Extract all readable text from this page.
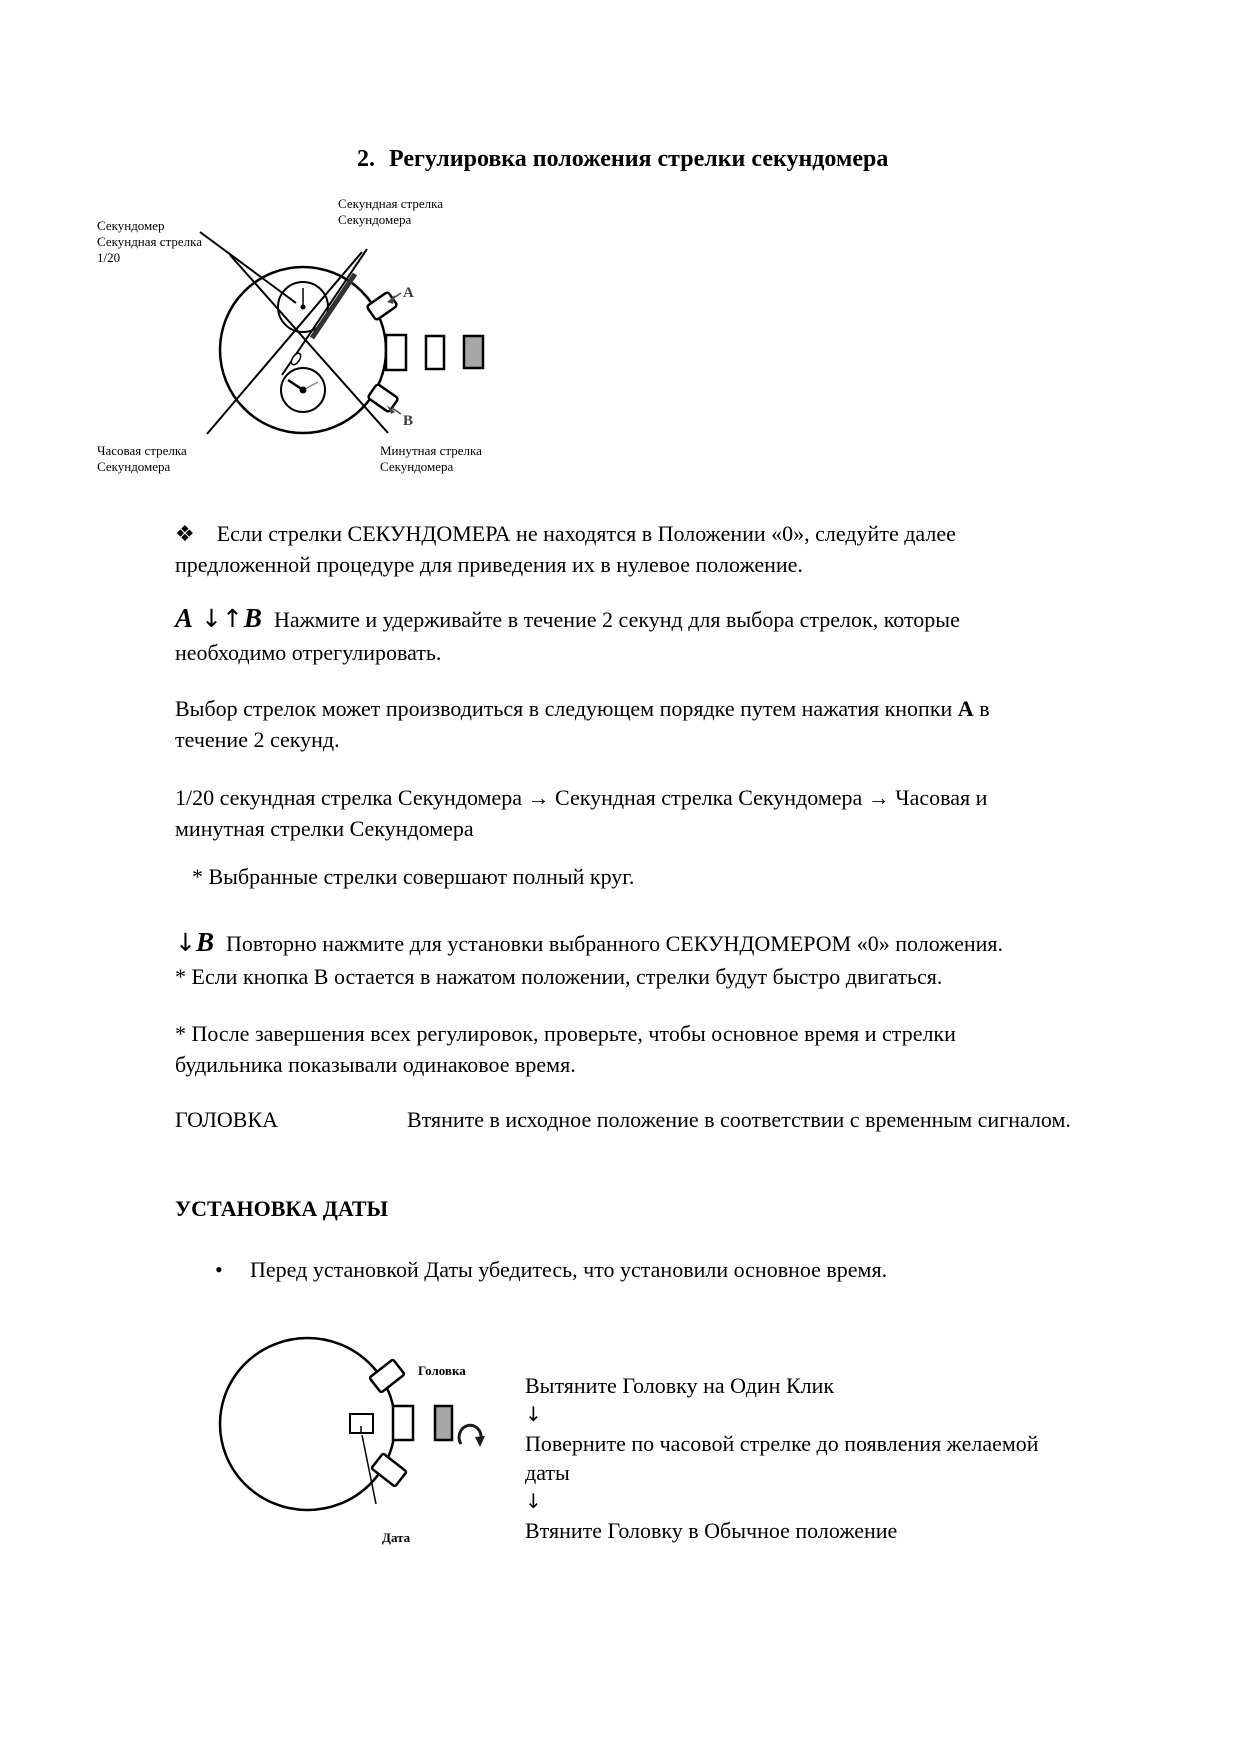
2. Регулировка положения стрелки секундомера
A
B
Секундомер
Секундная стрелка
1/20
Секундная стрелка
Секундомера
Часовая стрелка
Секундомера
Минутная стрелка
Секундомера
❖ Если стрелки СЕКУНДОМЕРА не находятся в Положении «0», следуйте далее
предложенной процедуре для приведения их в нулевое положение.
A ↓↑B Нажмите и удерживайте в течение 2 секунд для выбора стрелок, которые
необходимо отрегулировать.
Выбор стрелок может производиться в следующем порядке путем нажатия кнопки А в
течение 2 секунд.
1/20 секундная стрелка Секундомера → Секундная стрелка Секундомера → Часовая и
минутная стрелки Секундомера
* Выбранные стрелки совершают полный круг.
↓B Повторно нажмите для установки выбранного СЕКУНДОМЕРОМ «0» положения.
* Если кнопка В остается в нажатом положении, стрелки будут быстро двигаться.
* После завершения всех регулировок, проверьте, чтобы основное время и стрелки
будильника показывали одинаковое время.
ГОЛОВКА	Втяните в исходное положение в соответствии с временным сигналом.
УСТАНОВКА ДАТЫ
• Перед установкой Даты убедитесь, что установили основное время.
Головка
Дата
Вытяните Головку на Один Клик
↓
Поверните по часовой стрелке до появления желаемой
даты
↓
Втяните Головку в Обычное положение
